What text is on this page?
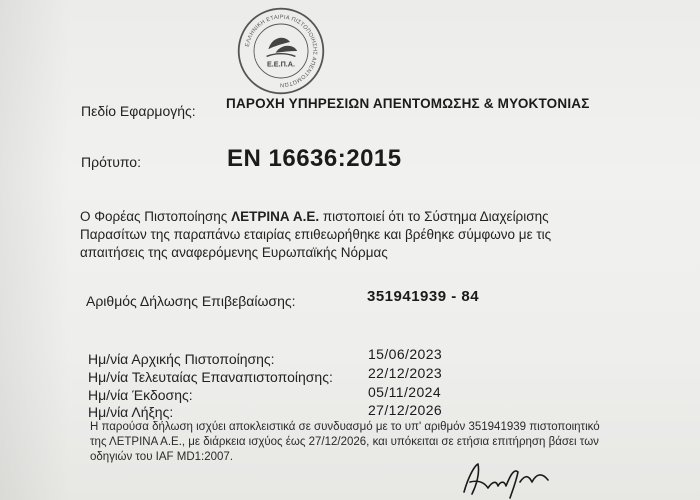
ΕΛΛΗΝΙΚΗ ΕΤΑΙΡΙΑ ΠΙΣΤΟΠΟΙΗΣΗΣ ΑΠΕΝΤΟΜΩΤΩΝ
Ε.Ε.Π.Α.
Πεδίο Εφαρμογής: ΠΑΡΟΧΗ ΥΠΗΡΕΣΙΩΝ ΑΠΕΝΤΟΜΩΣΗΣ & ΜΥΟΚΤΟΝΙΑΣ
Πρότυπο:	EN 16636:2015
Ο Φορέας Πιστοποίησης ΛΕΤΡΙΝΑ Α.Ε. πιστοποιεί ότι το Σύστημα Διαχείρισης
Παρασίτων της παραπάνω εταιρίας επιθεωρήθηκε και βρέθηκε σύμφωνο με τις
απαιτήσεις της αναφερόμενης Ευρωπαϊκής Νόρμας
Αριθμός Δήλωσης Επιβεβαίωσης:	351941939 - 84
Ημ/νία Αρχικής Πιστοποίησης:	15/06/2023
Ημ/νία Τελευταίας Επαναπιστοποίησης:	22/12/2023
Ημ/νία Έκδοσης:	05/11/2024
Ημ/νία Λήξης:	27/12/2026
Η παρούσα δήλωση ισχύει αποκλειστικά σε συνδυασμό με το υπ' αριθμόν 351941939 πιστοποιητικό
της ΛΕΤΡΙΝΑ Α.Ε., με διάρκεια ισχύος έως 27/12/2026, και υπόκειται σε ετήσια επιτήρηση βάσει των
οδηγιών του IAF MD1:2007.
